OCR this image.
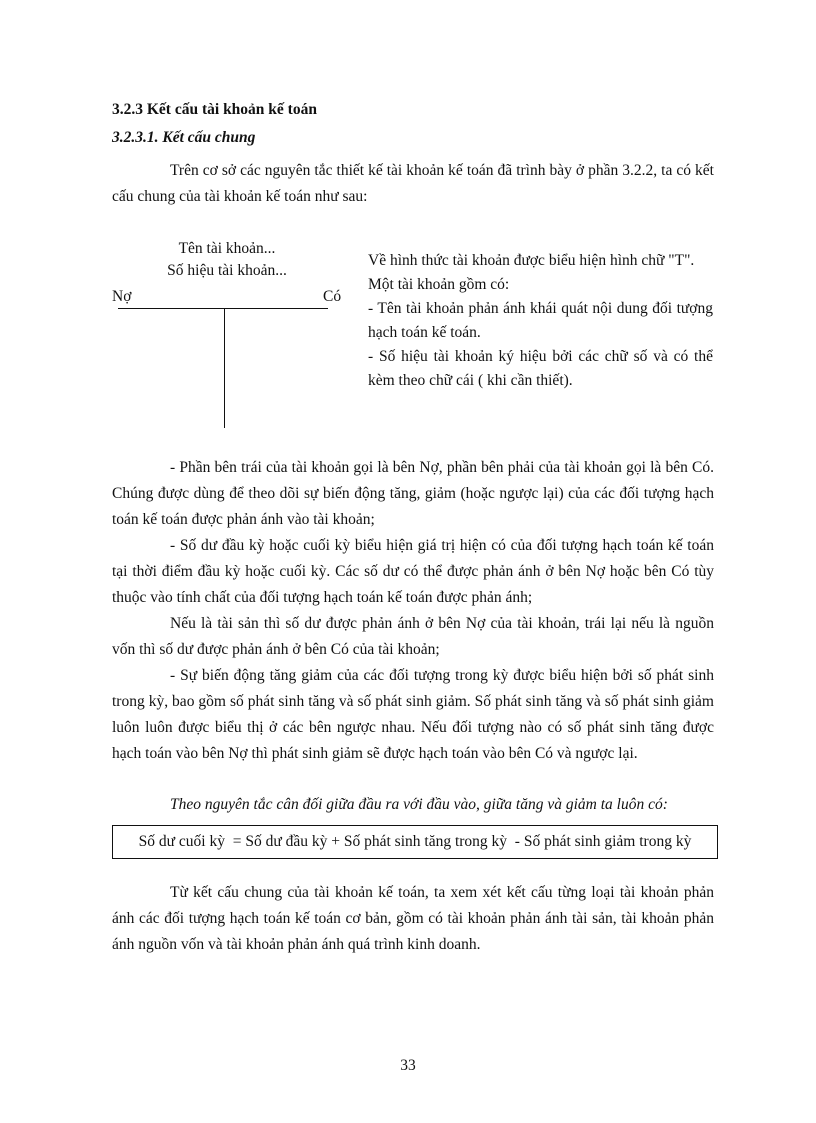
3.2.3 Kết cấu tài khoản kế toán
3.2.3.1. Kết cấu chung

Trên cơ sở các nguyên tắc thiết kế tài khoản kế toán đã trình bày ở phần 3.2.2, ta có kết cấu chung của tài khoản kế toán như sau:

Tên tài khoản...
Số hiệu tài khoản...
Nợ	Có
Về hình thức tài khoản được biểu hiện hình chữ "T".
Một tài khoản gồm có:
- Tên tài khoản phản ánh khái quát nội dung đối tượng hạch toán kế toán.
- Số hiệu tài khoản ký hiệu bởi các chữ số và có thể kèm theo chữ cái ( khi cần thiết).

- Phần bên trái của tài khoản gọi là bên Nợ, phần bên phải của tài khoản gọi là bên Có. Chúng được dùng để theo dõi sự biến động tăng, giảm (hoặc ngược lại) của các đối tượng hạch toán kế toán được phản ánh vào tài khoản;

- Số dư đầu kỳ hoặc cuối kỳ biểu hiện giá trị hiện có của đối tượng hạch toán kế toán tại thời điểm đầu kỳ hoặc cuối kỳ. Các số dư có thể được phản ánh ở bên Nợ hoặc bên Có tùy thuộc vào tính chất của đối tượng hạch toán kế toán được phản ánh;

Nếu là tài sản thì số dư được phản ánh ở bên Nợ của tài khoản, trái lại nếu là nguồn vốn thì số dư được phản ánh ở bên Có của tài khoản;

- Sự biến động tăng giảm của các đối tượng trong kỳ được biểu hiện bởi số phát sinh trong kỳ, bao gồm số phát sinh tăng và số phát sinh giảm. Số phát sinh tăng và số phát sinh giảm luôn luôn được biểu thị ở các bên ngược nhau. Nếu đối tượng nào có số phát sinh tăng được hạch toán vào bên Nợ thì phát sinh giảm sẽ được hạch toán vào bên Có và ngược lại.

Theo nguyên tắc cân đối giữa đầu ra với đầu vào, giữa tăng và giảm ta luôn có:

Số dư cuối kỳ  = Số dư đầu kỳ + Số phát sinh tăng trong kỳ  - Số phát sinh giảm trong kỳ

Từ kết cấu chung của tài khoản kế toán, ta xem xét kết cấu từng loại tài khoản phản ánh các đối tượng hạch toán kế toán cơ bản, gồm có tài khoản phản ánh tài sản, tài khoản phản ánh nguồn vốn và tài khoản phản ánh quá trình kinh doanh.

33
